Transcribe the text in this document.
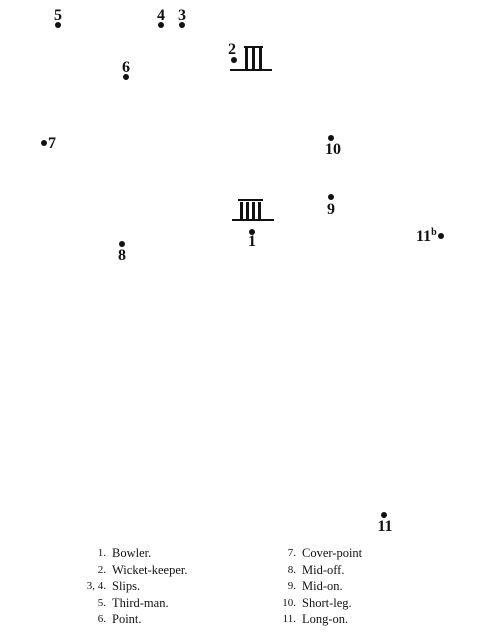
5	4 3
2
6
7	10
9
1
8
11$^b$
11
1. Bowler.
2. Wicket-keeper.
3, 4. Slips.
5. Third-man.
6. Point.
7. Cover-point
8. Mid-off.
9. Mid-on.
10. Short-leg.
11. Long-on.
